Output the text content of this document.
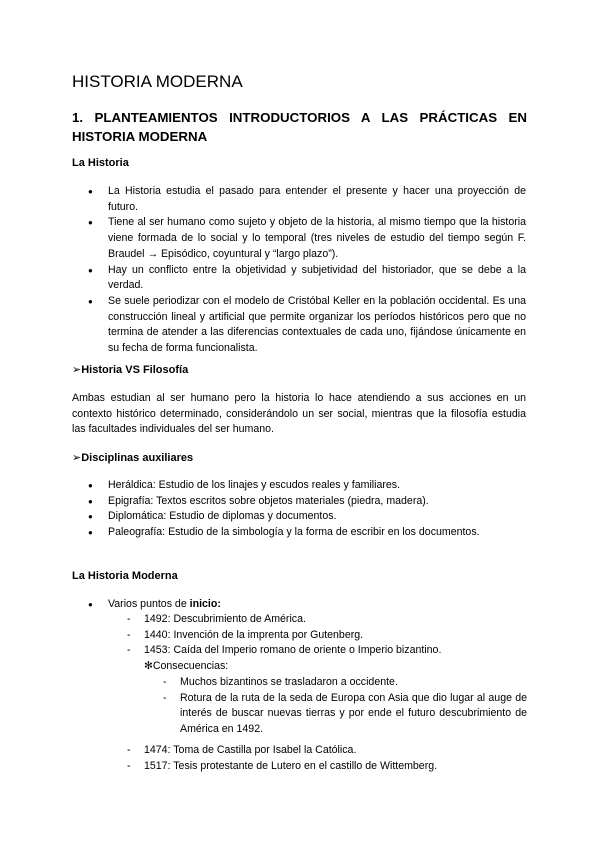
HISTORIA MODERNA
1. PLANTEAMIENTOS INTRODUCTORIOS A LAS PRÁCTICAS EN HISTORIA MODERNA
La Historia
● La Historia estudia el pasado para entender el presente y hacer una proyección de futuro.
● Tiene al ser humano como sujeto y objeto de la historia, al mismo tiempo que la historia viene formada de lo social y lo temporal (tres niveles de estudio del tiempo según F. Braudel → Episódico, coyuntural y “largo plazo”).
● Hay un conflicto entre la objetividad y subjetividad del historiador, que se debe a la verdad.
● Se suele periodizar con el modelo de Cristóbal Keller en la población occidental. Es una construcción lineal y artificial que permite organizar los períodos históricos pero que no termina de atender a las diferencias contextuales de cada uno, fijándose únicamente en su fecha de forma funcionalista.
➢Historia VS Filosofía

Ambas estudian al ser humano pero la historia lo hace atendiendo a sus acciones en un contexto histórico determinado, considerándolo un ser social, mientras que la filosofía estudia las facultades individuales del ser humano.

➢Disciplinas auxiliares
● Heráldica: Estudio de los linajes y escudos reales y familiares.
● Epigrafía: Textos escritos sobre objetos materiales (piedra, madera).
● Diplomática: Estudio de diplomas y documentos.
● Paleografía: Estudio de la simbología y la forma de escribir en los documentos.
La Historia Moderna
● Varios puntos de inicio:
- 1492: Descubrimiento de América.
- 1440: Invención de la imprenta por Gutenberg.
- 1453: Caída del Imperio romano de oriente o Imperio bizantino.
✻Consecuencias:
- Muchos bizantinos se trasladaron a occidente.
- Rotura de la ruta de la seda de Europa con Asia que dio lugar al auge de interés de buscar nuevas tierras y por ende el futuro descubrimiento de América en 1492.
- 1474: Toma de Castilla por Isabel la Católica.
- 1517: Tesis protestante de Lutero en el castillo de Wittemberg.
